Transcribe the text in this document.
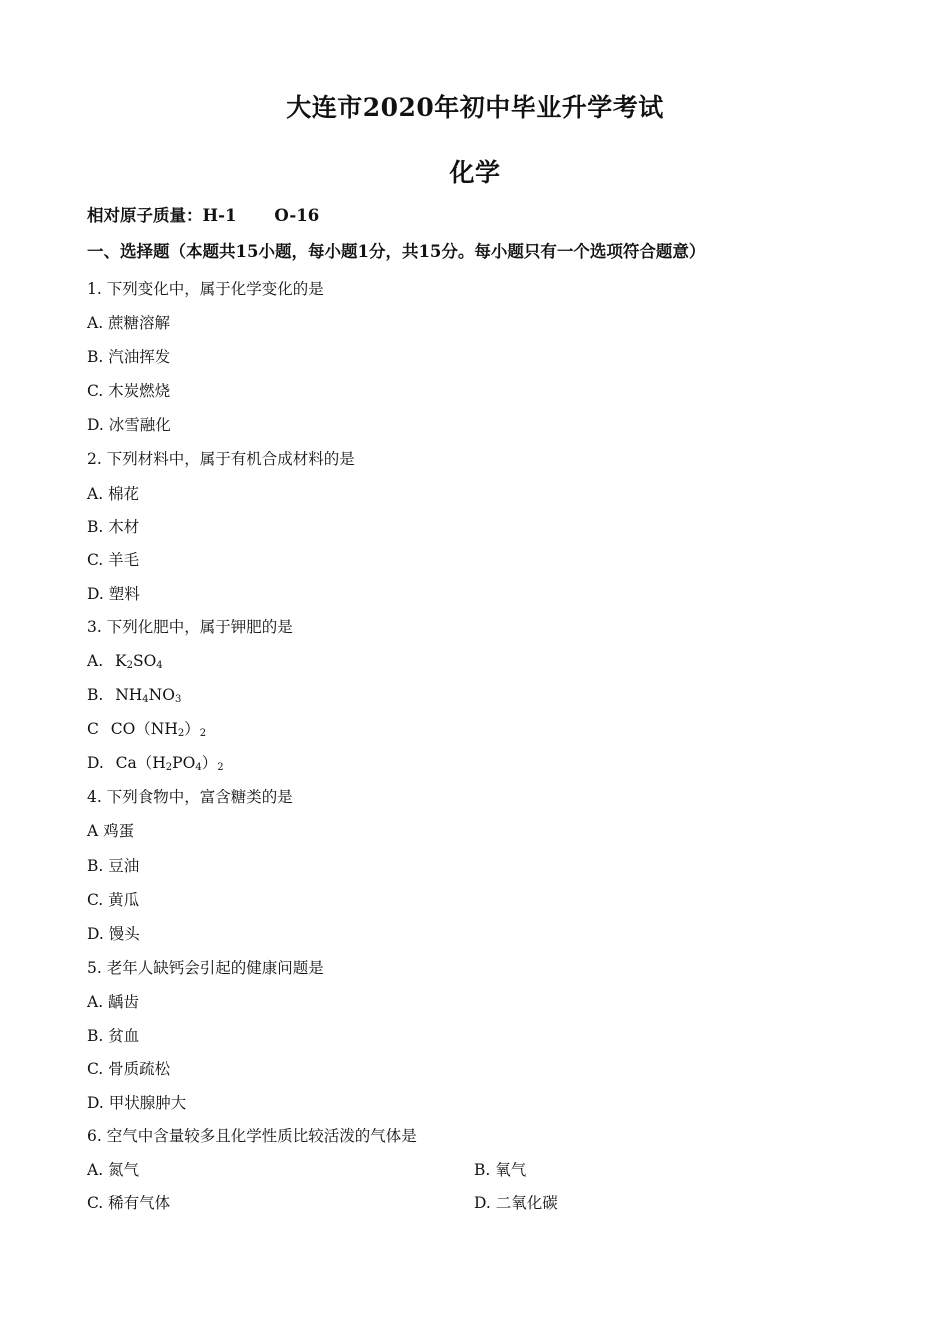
大连市2020年初中毕业升学考试
化学
相对原子质量：H-1 O-16
一、选择题（本题共15小题，每小题1分，共15分。每小题只有一个选项符合题意）
1. 下列变化中，属于化学变化的是
A. 蔗糖溶解
B. 汽油挥发
C. 木炭燃烧
D. 冰雪融化
2. 下列材料中，属于有机合成材料的是
A. 棉花
B. 木材
C. 羊毛
D. 塑料
3. 下列化肥中，属于钾肥的是
A. $K_2SO_4$
B. $NH_4NO_3$
C $CO(NH_2)_2$
D. $Ca(H_2PO_4)_2$
4. 下列食物中，富含糖类的是
A 鸡蛋
B. 豆油
C. 黄瓜
D. 馒头
5. 老年人缺钙会引起的健康问题是
A. 龋齿
B. 贫血
C. 骨质疏松
D. 甲状腺肿大
6. 空气中含量较多且化学性质比较活泼的气体是
A. 氮气	B. 氧气
C. 稀有气体	D. 二氧化碳
